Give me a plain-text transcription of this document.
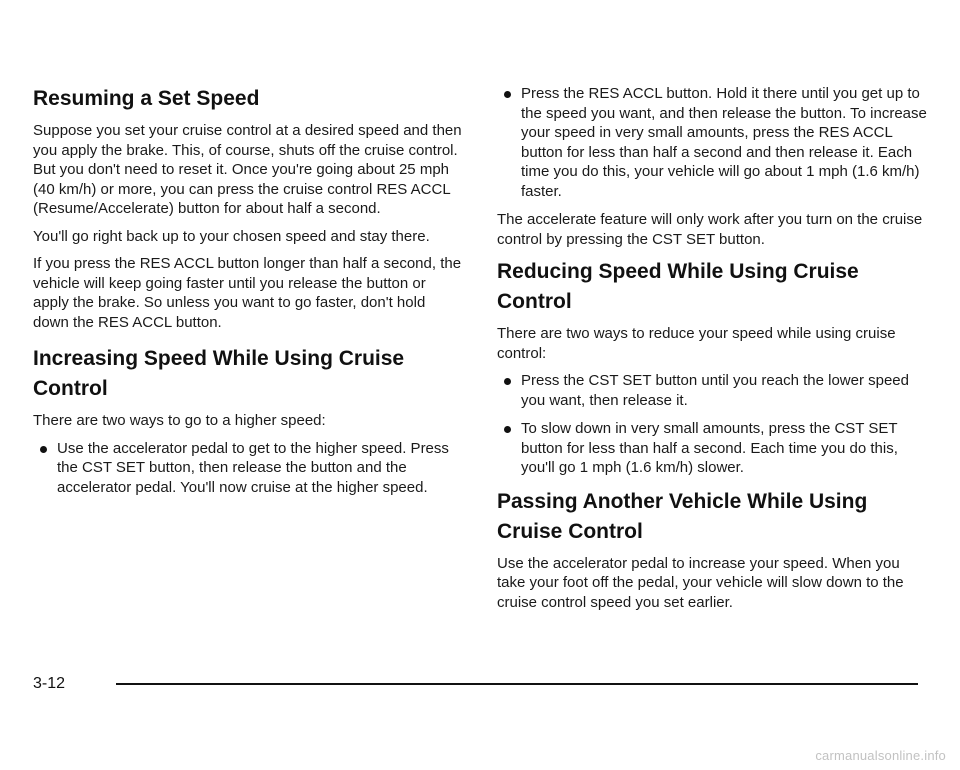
Resuming a Set Speed

Suppose you set your cruise control at a desired speed and then you apply the brake. This, of course, shuts off the cruise control. But you don't need to reset it. Once you're going about 25 mph (40 km/h) or more, you can press the cruise control RES ACCL (Resume/Accelerate) button for about half a second.

You'll go right back up to your chosen speed and stay there.

If you press the RES ACCL button longer than half a second, the vehicle will keep going faster until you release the button or apply the brake. So unless you want to go faster, don't hold down the RES ACCL button.

Increasing Speed While Using Cruise Control

There are two ways to go to a higher speed:

Use the accelerator pedal to get to the higher speed. Press the CST SET button, then release the button and the accelerator pedal. You'll now cruise at the higher speed.
Press the RES ACCL button. Hold it there until you get up to the speed you want, and then release the button. To increase your speed in very small amounts, press the RES ACCL button for less than half a second and then release it. Each time you do this, your vehicle will go about 1 mph (1.6 km/h) faster.

The accelerate feature will only work after you turn on the cruise control by pressing the CST SET button.

Reducing Speed While Using Cruise Control

There are two ways to reduce your speed while using cruise control:

Press the CST SET button until you reach the lower speed you want, then release it.
To slow down in very small amounts, press the CST SET button for less than half a second. Each time you do this, you'll go 1 mph (1.6 km/h) slower.
Passing Another Vehicle While Using Cruise Control

Use the accelerator pedal to increase your speed. When you take your foot off the pedal, your vehicle will slow down to the cruise control speed you set earlier.

3-12
carmanualsonline.info
